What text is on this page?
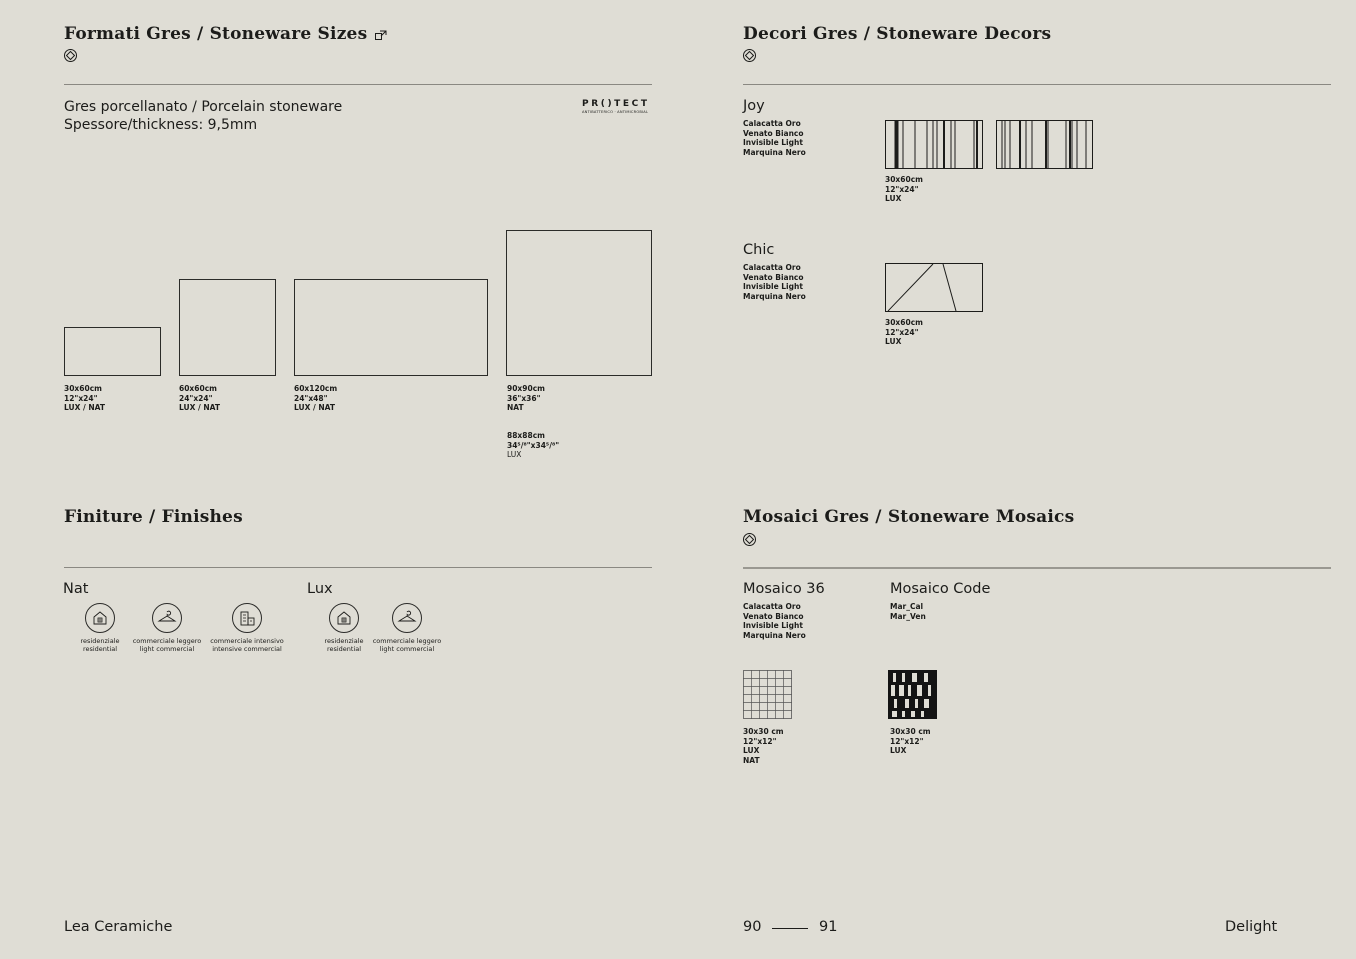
Formati Gres / Stoneware Sizes
Gres porcellanato / Porcelain stoneware
Spessore/thickness: 9,5mm
PR()TECT
ANTIBATTERICO · ANTIMICROBIAL
30x60cm
12"x24"
LUX / NAT
60x60cm
24"x24"
LUX / NAT
60x120cm
24"x48"
LUX / NAT
90x90cm
36"x36"
NAT
88x88cm
34⁵/⁸"x34⁵/⁸"
LUX
Finiture / Finishes
Nat	Lux
residenziale
residential
commerciale leggero
light commercial
commerciale intensivo
intensive commercial
residenziale
residential
commerciale leggero
light commercial
Lea Ceramiche
Decori Gres / Stoneware Decors
Joy
Calacatta Oro
Venato Bianco
Invisible Light
Marquina Nero
30x60cm
12"x24"
LUX
Chic
Calacatta Oro
Venato Bianco
Invisible Light
Marquina Nero
30x60cm
12"x24"
LUX
Mosaici Gres / Stoneware Mosaics
Mosaico 36
Calacatta Oro
Venato Bianco
Invisible Light
Marquina Nero
Mosaico Code
Mar_Cal
Mar_Ven
30x30 cm
12"x12"
LUX
NAT
30x30 cm
12"x12"
LUX
90	91	Delight
